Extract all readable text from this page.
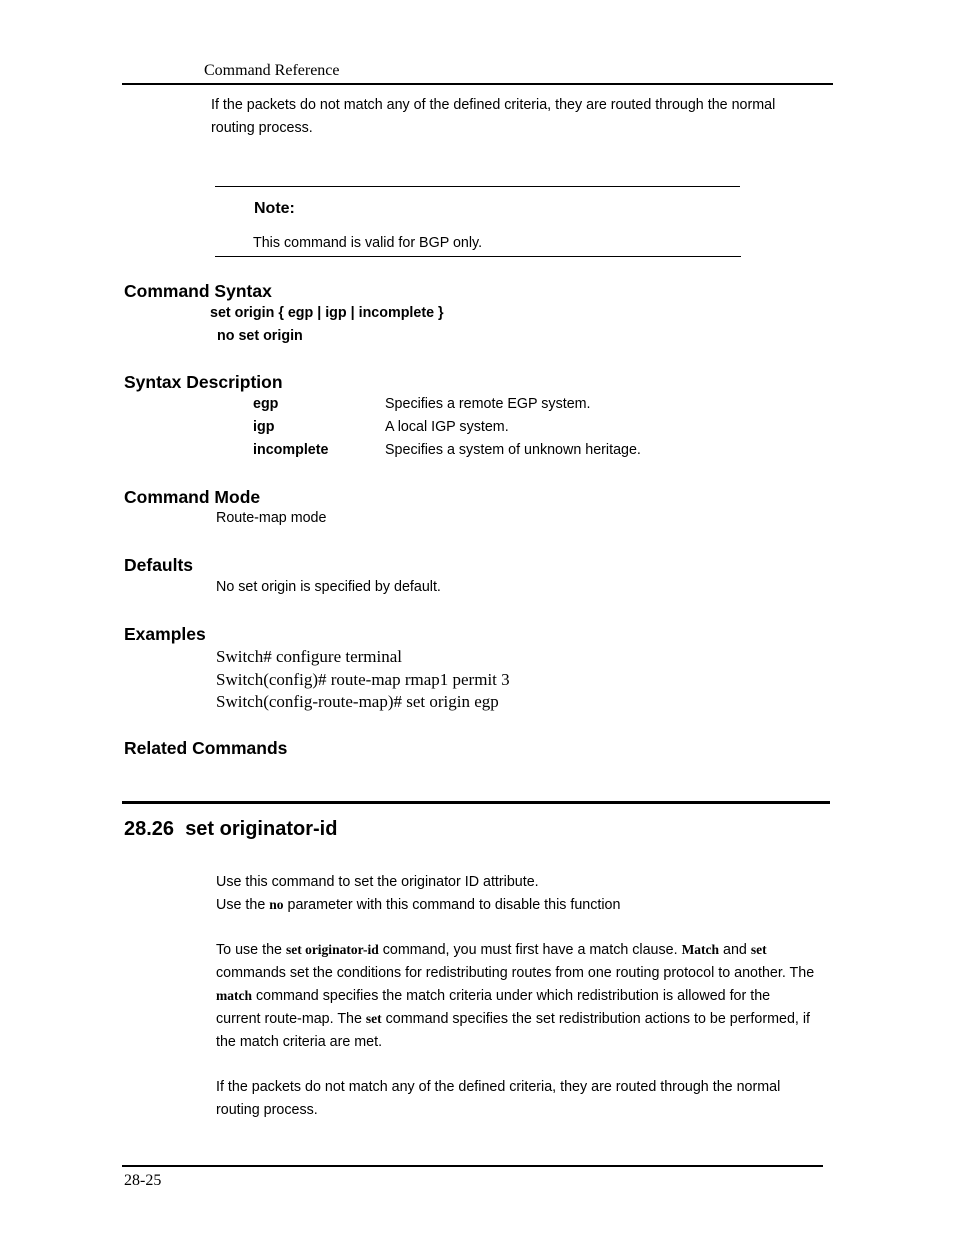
Command Reference
If the packets do not match any of the defined criteria, they are routed through the normal
routing process.
Note:
This command is valid for BGP only.
Command Syntax
set origin { egp | igp | incomplete }
no set origin
Syntax Description
egp	Specifies a remote EGP system.
igp	A local IGP system.
incomplete	Specifies a system of unknown heritage.
Command Mode
Route-map mode
Defaults
No set origin is specified by default.
Examples
Switch# configure terminal
Switch(config)# route-map rmap1 permit 3
Switch(config-route-map)# set origin egp
Related Commands
28.26 set originator-id
Use this command to set the originator ID attribute.
Use the no parameter with this command to disable this function
To use the set originator-id command, you must first have a match clause. Match and set
commands set the conditions for redistributing routes from one routing protocol to another. The
match command specifies the match criteria under which redistribution is allowed for the
current route-map. The set command specifies the set redistribution actions to be performed, if
the match criteria are met.
If the packets do not match any of the defined criteria, they are routed through the normal
routing process.
28-25
